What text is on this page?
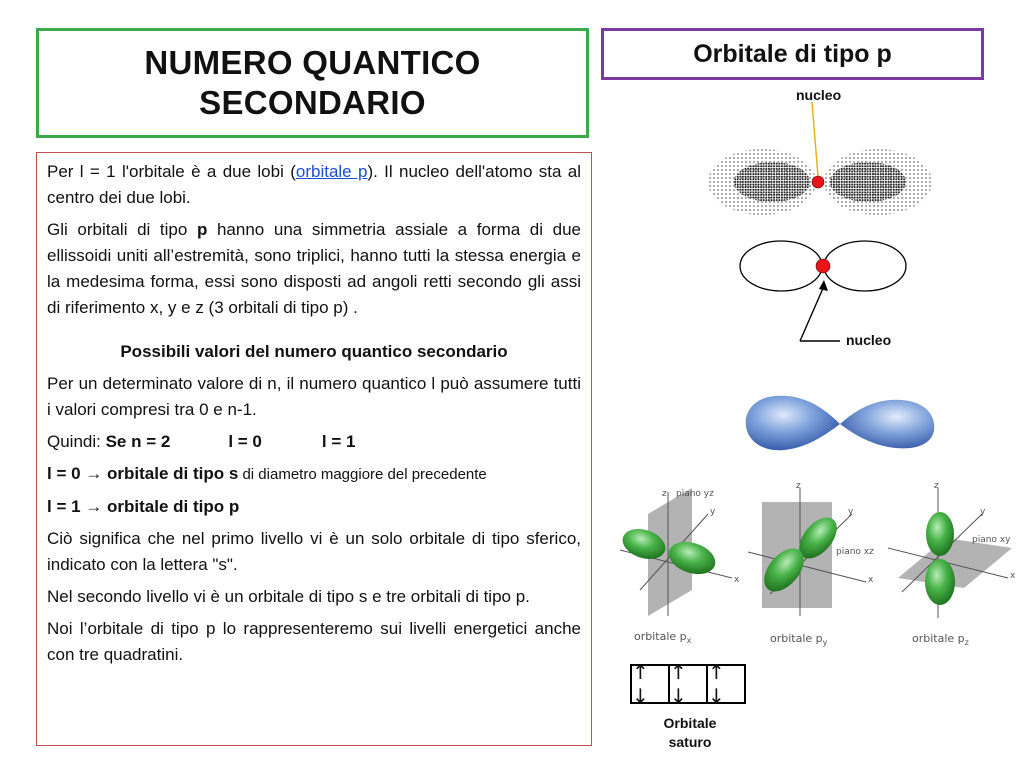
NUMERO QUANTICO
SECONDARIO
Orbitale di tipo p

Per l = 1 l'orbitale è a due lobi (orbitale p). Il nucleo dell'atomo sta al centro dei due lobi.

Gli orbitali di tipo p hanno una simmetria assiale a forma di due ellissoidi uniti all’estremità, sono triplici, hanno tutti la stessa energia e la medesima forma, essi sono disposti ad angoli retti secondo gli assi di riferimento x, y e z (3 orbitali di tipo p) .

Possibili valori del numero quantico secondario

Per un determinato valore di n, il numero quantico l può assumere tutti i valori compresi tra 0 e n-1.

Quindi: Se n = 2	l = 0	l = 1

l = 0 → orbitale di tipo s di diametro maggiore del precedente

l = 1 → orbitale di tipo p

Ciò significa che nel primo livello vi è un solo orbitale di tipo sferico, indicato con la lettera "s".

Nel secondo livello vi è un orbitale di tipo s e tre orbitali di tipo p.

Noi l’orbitale di tipo p lo rappresenteremo sui livelli energetici anche con tre quadratini.

nucleo
nucleo
piano yz
z
y
x
orbitale $p_x$
piano xz
z
y
x
orbitale $p_y$
piano xy
z
y
x
orbitale $p_z$
↑ ↓
↑ ↓
↑ ↓
Orbitale
saturo
